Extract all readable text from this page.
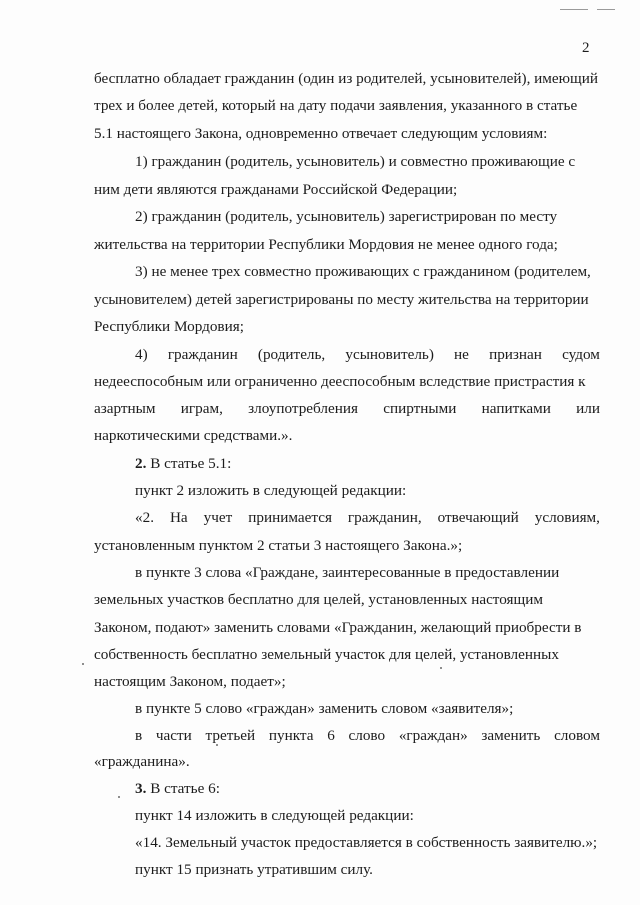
2
бесплатно обладает гражданин (один из родителей, усыновителей), имеющий
трех и более детей, который на дату подачи заявления, указанного в статье
5.1 настоящего Закона, одновременно отвечает следующим условиям:
1) гражданин (родитель, усыновитель) и совместно проживающие с
ним дети являются гражданами Российской Федерации;
2) гражданин (родитель, усыновитель) зарегистрирован по месту
жительства на территории Республики Мордовия не менее одного года;
3) не менее трех совместно проживающих с гражданином (родителем,
усыновителем) детей зарегистрированы по месту жительства на территории
Республики Мордовия;
4) гражданин (родитель, усыновитель) не признан судом
недееспособным или ограниченно дееспособным вследствие пристрастия к
азартным играм, злоупотребления спиртными напитками или
наркотическими средствами.».
2. В статье 5.1:
пункт 2 изложить в следующей редакции:
«2. На учет принимается гражданин, отвечающий условиям,
установленным пунктом 2 статьи 3 настоящего Закона.»;
в пункте 3 слова «Граждане, заинтересованные в предоставлении
земельных участков бесплатно для целей, установленных настоящим
Законом, подают» заменить словами «Гражданин, желающий приобрести в
собственность бесплатно земельный участок для целей, установленных
настоящим Законом, подает»;
в пункте 5 слово «граждан» заменить словом «заявителя»;
в части третьей пункта 6 слово «граждан» заменить словом
«гражданина».
3. В статье 6:
пункт 14 изложить в следующей редакции:
«14. Земельный участок предоставляется в собственность заявителю.»;
пункт 15 признать утратившим силу.
